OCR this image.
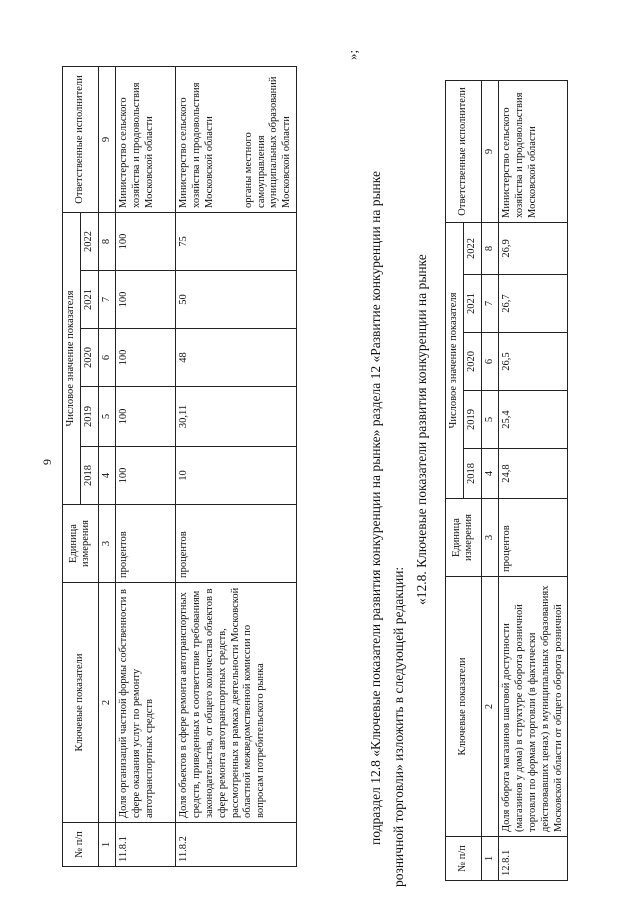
9
№ п/п	Ключевые показатели	Единица измерения	Числовое значение показателя					Ответственные исполнители
			2018	2019	2020	2021	2022	
1	2	3	4	5	6	7	8	9
11.8.1	Доля организаций частной формы собственности в сфере оказания услуг по ремонту автотранспортных средств	процентов	100	100	100	100	100	Министерство сельского хозяйства и продовольствия Московской области
11.8.2	Доля объектов в сфере ремонта автотранспортных средств, приведенных в соответствие требованиям законодательства, от общего количества объектов в сфере ремонта автотранспортных средств, рассмотренных в рамках деятельности Московской областной межведомственной комиссии по вопросам потребительского рынка	процентов	10	30,11	48	50	75	Министерство сельского хозяйства и продовольствия Московской области органы местного самоуправления муниципальных образований Московской области
»;
подраздел 12.8 «Ключевые показатели развития конкуренции на рынке» раздела 12 «Развитие конкуренции на рынке розничной торговли» изложить в следующей редакции:
«12.8. Ключевые показатели развития конкуренции на рынке
№ п/п	Ключевые показатели	Единица измерения	Числовое значение показателя					Ответственные исполнители
			2018	2019	2020	2021	2022	
1	2	3	4	5	6	7	8	9
12.8.1	Доля оборота магазинов шаговой доступности (магазинов у дома) в структуре оборота розничной торговли по формам торговли (в фактически действовавших ценах) в муниципальных образованиях Московской области от общего оборота розничной	процентов	24,8	25,4	26,5	26,7	26,9	Министерство сельского хозяйства и продовольствия Московской области
